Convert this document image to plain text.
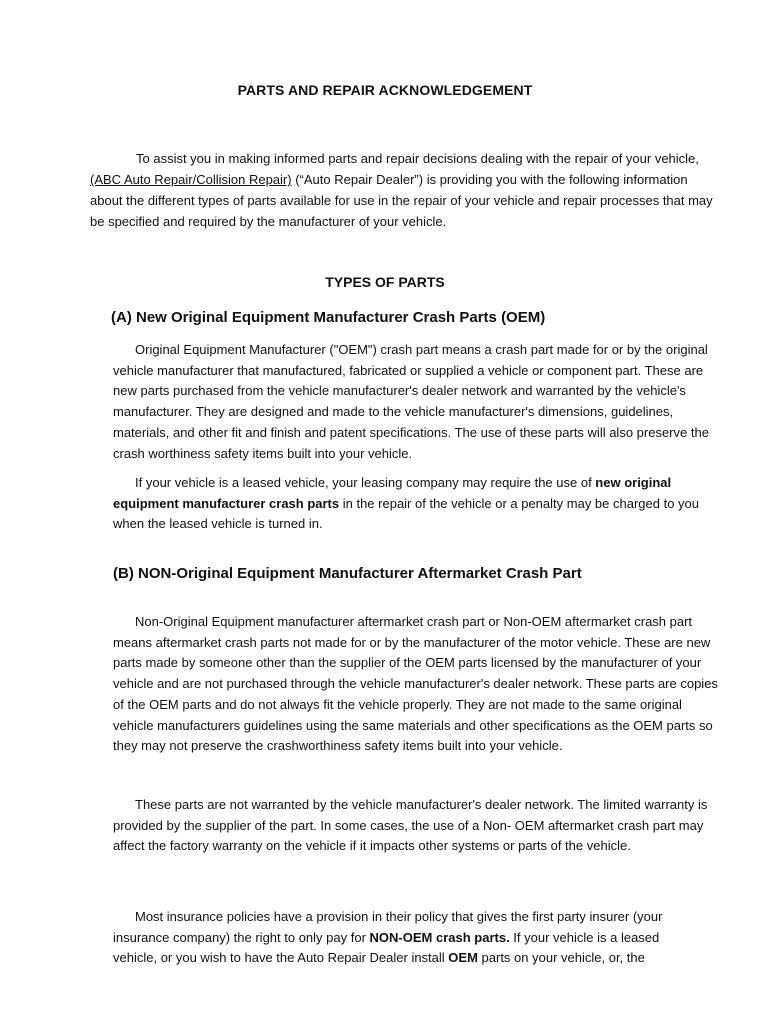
PARTS AND REPAIR ACKNOWLEDGEMENT

To assist you in making informed parts and repair decisions dealing with the repair of your vehicle, (ABC Auto Repair/Collision Repair) (“Auto Repair Dealer”) is providing you with the following information about the different types of parts available for use in the repair of your vehicle and repair processes that may be specified and required by the manufacturer of your vehicle.

TYPES OF PARTS
(A) New Original Equipment Manufacturer Crash Parts (OEM)

Original Equipment Manufacturer ("OEM") crash part means a crash part made for or by the original vehicle manufacturer that manufactured, fabricated or supplied a vehicle or component part. These are new parts purchased from the vehicle manufacturer's dealer network and warranted by the vehicle's manufacturer. They are designed and made to the vehicle manufacturer's dimensions, guidelines, materials, and other fit and finish and patent specifications. The use of these parts will also preserve the crash worthiness safety items built into your vehicle.

If your vehicle is a leased vehicle, your leasing company may require the use of new original equipment manufacturer crash parts in the repair of the vehicle or a penalty may be charged to you when the leased vehicle is turned in.

(B) NON-Original Equipment Manufacturer Aftermarket Crash Part

Non-Original Equipment manufacturer aftermarket crash part or Non-OEM aftermarket crash part means aftermarket crash parts not made for or by the manufacturer of the motor vehicle. These are new parts made by someone other than the supplier of the OEM parts licensed by the manufacturer of your vehicle and are not purchased through the vehicle manufacturer's dealer network. These parts are copies of the OEM parts and do not always fit the vehicle properly. They are not made to the same original vehicle manufacturers guidelines using the same materials and other specifications as the OEM parts so they may not preserve the crashworthiness safety items built into your vehicle.

These parts are not warranted by the vehicle manufacturer's dealer network. The limited warranty is provided by the supplier of the part. In some cases, the use of a Non- OEM aftermarket crash part may affect the factory warranty on the vehicle if it impacts other systems or parts of the vehicle.

Most insurance policies have a provision in their policy that gives the first party insurer (your insurance company) the right to only pay for NON-OEM crash parts. If your vehicle is a leased vehicle, or you wish to have the Auto Repair Dealer install OEM parts on your vehicle, or, the
